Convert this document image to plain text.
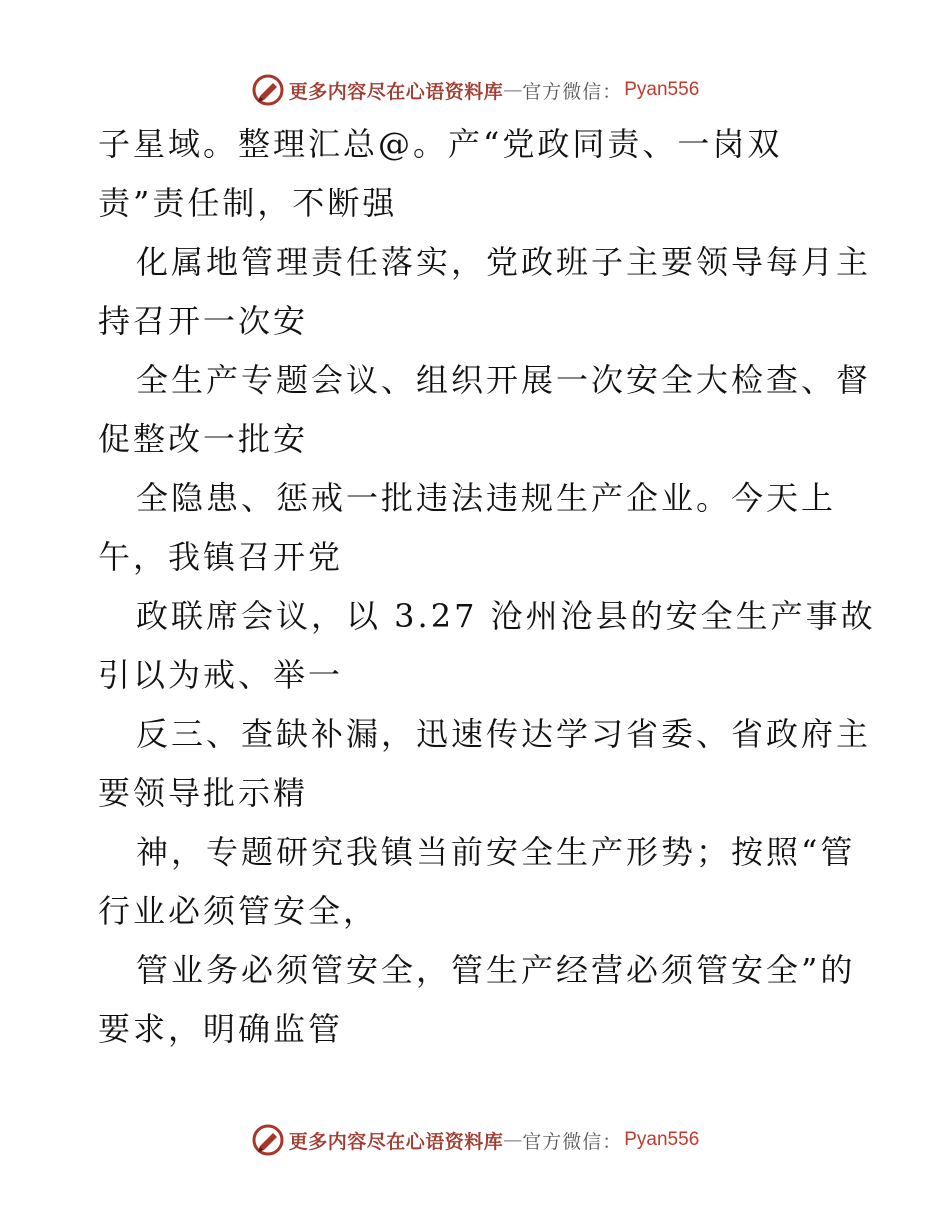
更多内容尽在心语资料库 — 官方微信： Pyan556
子星域。整理汇总@。产“党政同责、一岗双
责”责任制，不断强
化属地管理责任落实，党政班子主要领导每月主
持召开一次安
全生产专题会议、组织开展一次安全大检查、督
促整改一批安
全隐患、惩戒一批违法违规生产企业。今天上
午，我镇召开党
政联席会议，以 3.27 沧州沧县的安全生产事故
引以为戒、举一
反三、查缺补漏，迅速传达学习省委、省政府主
要领导批示精
神，专题研究我镇当前安全生产形势；按照“管
行业必须管安全，
管业务必须管安全，管生产经营必须管安全”的
要求，明确监管
更多内容尽在心语资料库 — 官方微信： Pyan556
